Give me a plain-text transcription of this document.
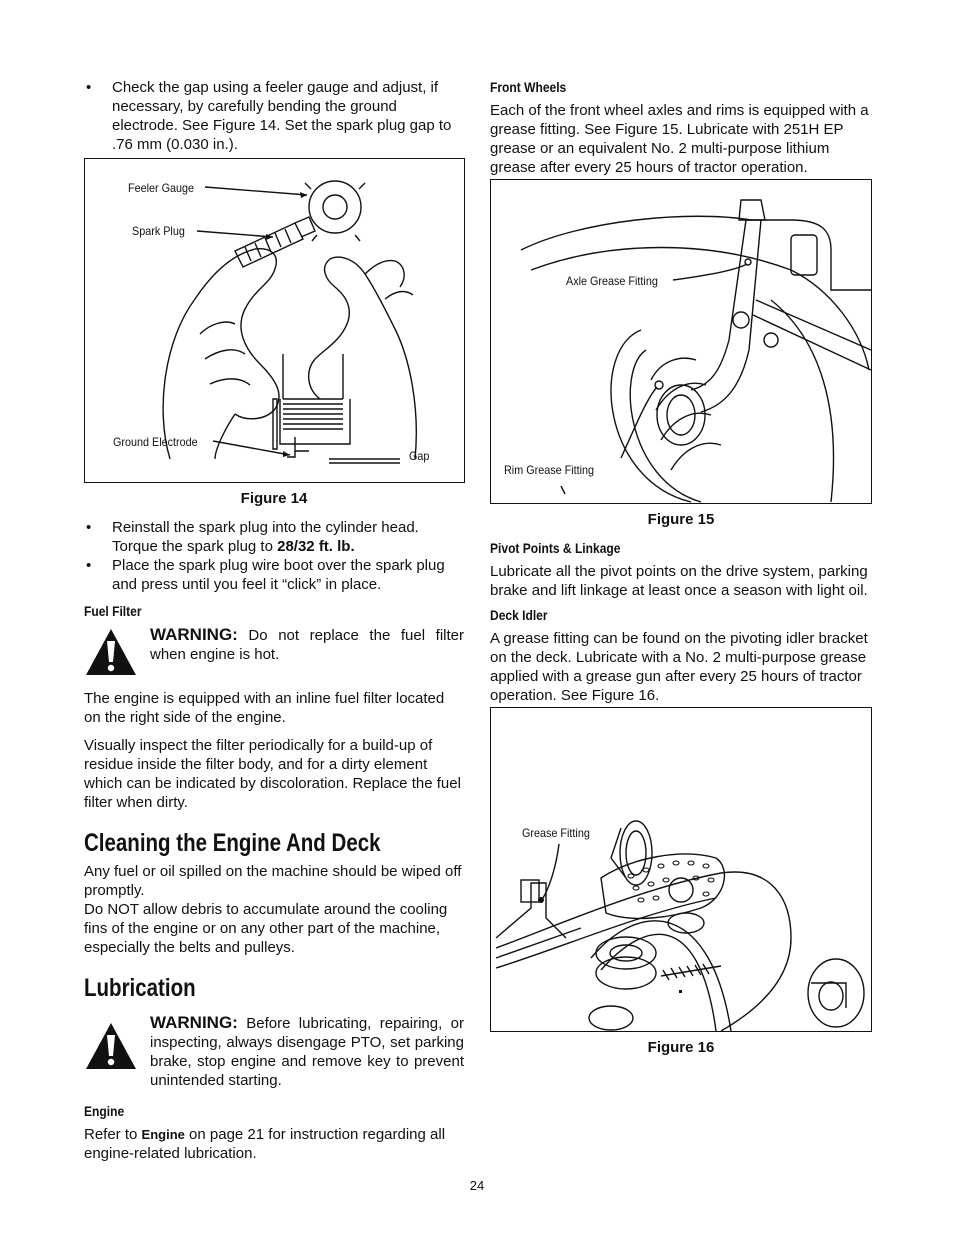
• Check the gap using a feeler gauge and adjust, if necessary, by carefully bending the ground electrode. See Figure 14. Set the spark plug gap to .76 mm (0.030 in.).
Feeler Gauge
Spark Plug
Ground Electrode
Gap
Figure 14
• Reinstall the spark plug into the cylinder head. Torque the spark plug to 28/32 ft. lb.
• Place the spark plug wire boot over the spark plug and press until you feel it “click” in place.
Fuel Filter
WARNING: Do not replace the fuel filter when engine is hot.

The engine is equipped with an inline fuel filter located on the right side of the engine.

Visually inspect the filter periodically for a build-up of residue inside the filter body, and for a dirty element which can be indicated by discoloration. Replace the fuel filter when dirty.

Cleaning the Engine And Deck

Any fuel or oil spilled on the machine should be wiped off promptly.

Do NOT allow debris to accumulate around the cooling fins of the engine or on any other part of the machine, especially the belts and pulleys.

Lubrication
WARNING: Before lubricating, repairing, or inspecting, always disengage PTO, set parking brake, stop engine and remove key to prevent unintended starting.
Engine

Refer to Engine on page 21 for instruction regarding all engine-related lubrication.

Front Wheels

Each of the front wheel axles and rims is equipped with a grease fitting. See Figure 15. Lubricate with 251H EP grease or an equivalent No. 2 multi-purpose lithium grease after every 25 hours of tractor operation.

Axle Grease Fitting
Rim Grease Fitting
Figure 15
Pivot Points & Linkage

Lubricate all the pivot points on the drive system, parking brake and lift linkage at least once a season with light oil.

Deck Idler

A grease fitting can be found on the pivoting idler bracket on the deck. Lubricate with a No. 2 multi-purpose grease applied with a grease gun after every 25 hours of tractor operation. See Figure 16.

Grease Fitting
Figure 16
24
